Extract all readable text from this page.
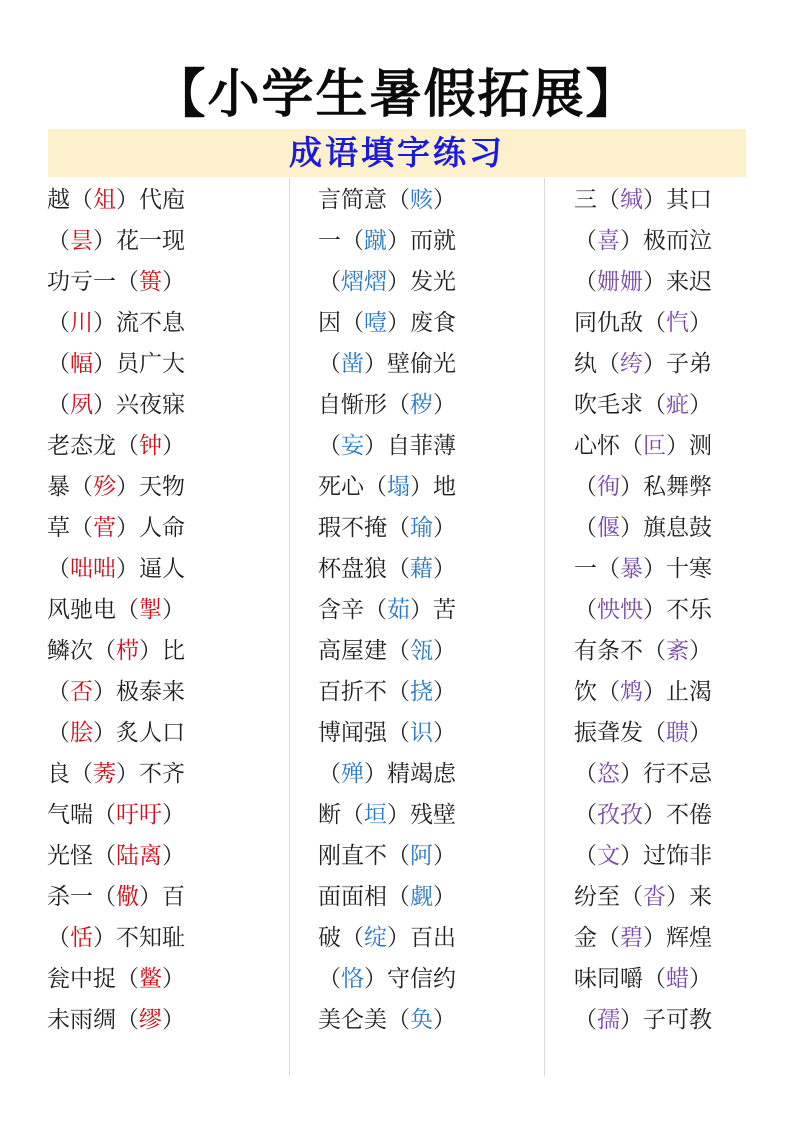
【小学生暑假拓展】
成语填字练习
越（俎）代庖
（昙）花一现
功亏一（篑）
（川）流不息
（幅）员广大
（夙）兴夜寐
老态龙（钟）
暴（殄）天物
草（菅）人命
（咄咄）逼人
风驰电（掣）
鳞次（栉）比
（否）极泰来
（脍）炙人口
良（莠）不齐
气喘（吁吁）
光怪（陆离）
杀一（儆）百
（恬）不知耻
瓮中捉（鳖）
未雨绸（缪）
言简意（赅）
一（蹴）而就
（熠熠）发光
因（噎）废食
（凿）壁偷光
自惭形（秽）
（妄）自菲薄
死心（塌）地
瑕不掩（瑜）
杯盘狼（藉）
含辛（茹）苦
高屋建（瓴）
百折不（挠）
博闻强（识）
（殚）精竭虑
断（垣）残壁
刚直不（阿）
面面相（觑）
破（绽）百出
（恪）守信约
美仑美（奂）
三（缄）其口
（喜）极而泣
（姗姗）来迟
同仇敌（忾）
纨（绔）子弟
吹毛求（疵）
心怀（叵）测
（徇）私舞弊
（偃）旗息鼓
一（暴）十寒
（怏怏）不乐
有条不（紊）
饮（鸩）止渴
振聋发（聩）
（恣）行不忌
（孜孜）不倦
（文）过饰非
纷至（沓）来
金（碧）辉煌
味同嚼（蜡）
（孺）子可教
